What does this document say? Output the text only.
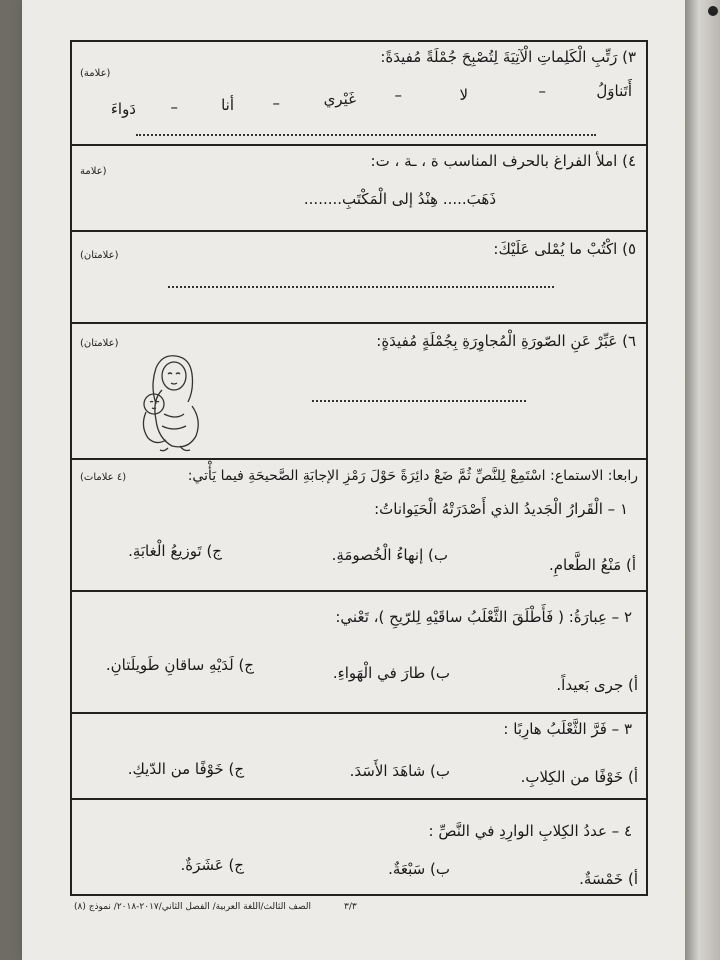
٣) رَتِّبِ الْكَلِماتِ الْآتِيَةَ لِتُصْبِحَ جُمْلَةً مُفيدَةً:
(علامة)
أَتَناوَلُ
–
لا
–
غَيْري
–
أنا
–
دَواءَ
٤) املأ الفراغ بالحرف المناسب ة ، ـة ، ت:
(علامة
ذَهَبَ..... هِنْدُ إلى الْمَكْتَبِ........
٥) اكْتُبْ ما يُمْلى عَلَيْكَ:
(علامتان)
٦) عَبِّرْ عَنِ الصّورَةِ الْمُجاوِرَةِ بِجُمْلَةٍ مُفيدَةٍ:
(علامتان)
رابعا: الاستماع: اسْتَمِعْ لِلنَّصِّ ثُمَّ ضَعْ دائِرَةً حَوْلَ رَمْزِ الإجابَةِ الصَّحيحَةِ فيما يَأْتي:
(٤ علامات)
١ – الْقَرارُ الْجَديدُ الذي أَصْدَرَتْهُ الْحَيَواناتُ:
أ) مَنْعُ الطَّعامِ.
ب) إنهاءُ الْخُصومَةِ.
ج) تَوزيعُ الْغابَةِ.
٢ – عِبارَةُ: ( فَأَطْلَقَ الثَّعْلَبُ ساقَيْهِ لِلرّيحِ )، تَعْني:
أ) جرى بَعيداً.
ب) طارَ في الْهَواءِ.
ج) لَدَيْهِ ساقانِ طَويلَتانِ.
٣ – فَرَّ الثَّعْلَبُ هارِبًا :
أ) خَوْفًا من الكِلابِ.
ب) شاهَدَ الأَسَدَ.
ج) خَوْفًا من الدّيكِ.
٤ – عددُ الكِلابِ الوارِدِ في النَّصِّ :
أ) خَمْسَةٌ.
ب) سَبْعَةٌ.
ج) عَشَرَةٌ.
الصف الثالث/اللغة العربية/ الفصل الثاني/٢٠١٧-٢٠١٨/ نموذج (٨)	٣/٣
